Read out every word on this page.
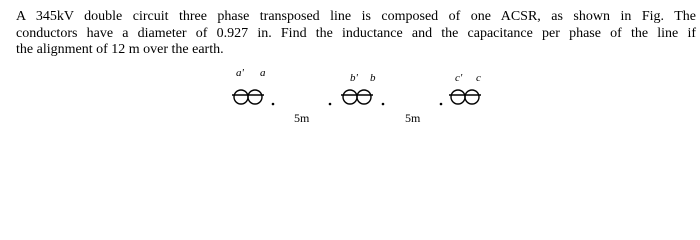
A 345kV double circuit three phase transposed line is composed of one ACSR, as shown in Fig. The
conductors have a diameter of 0.927 in. Find the inductance and the capacitance per phase of the line if
the alignment of 12 m over the earth.
a' a	b' b	c' c
5m	5m
